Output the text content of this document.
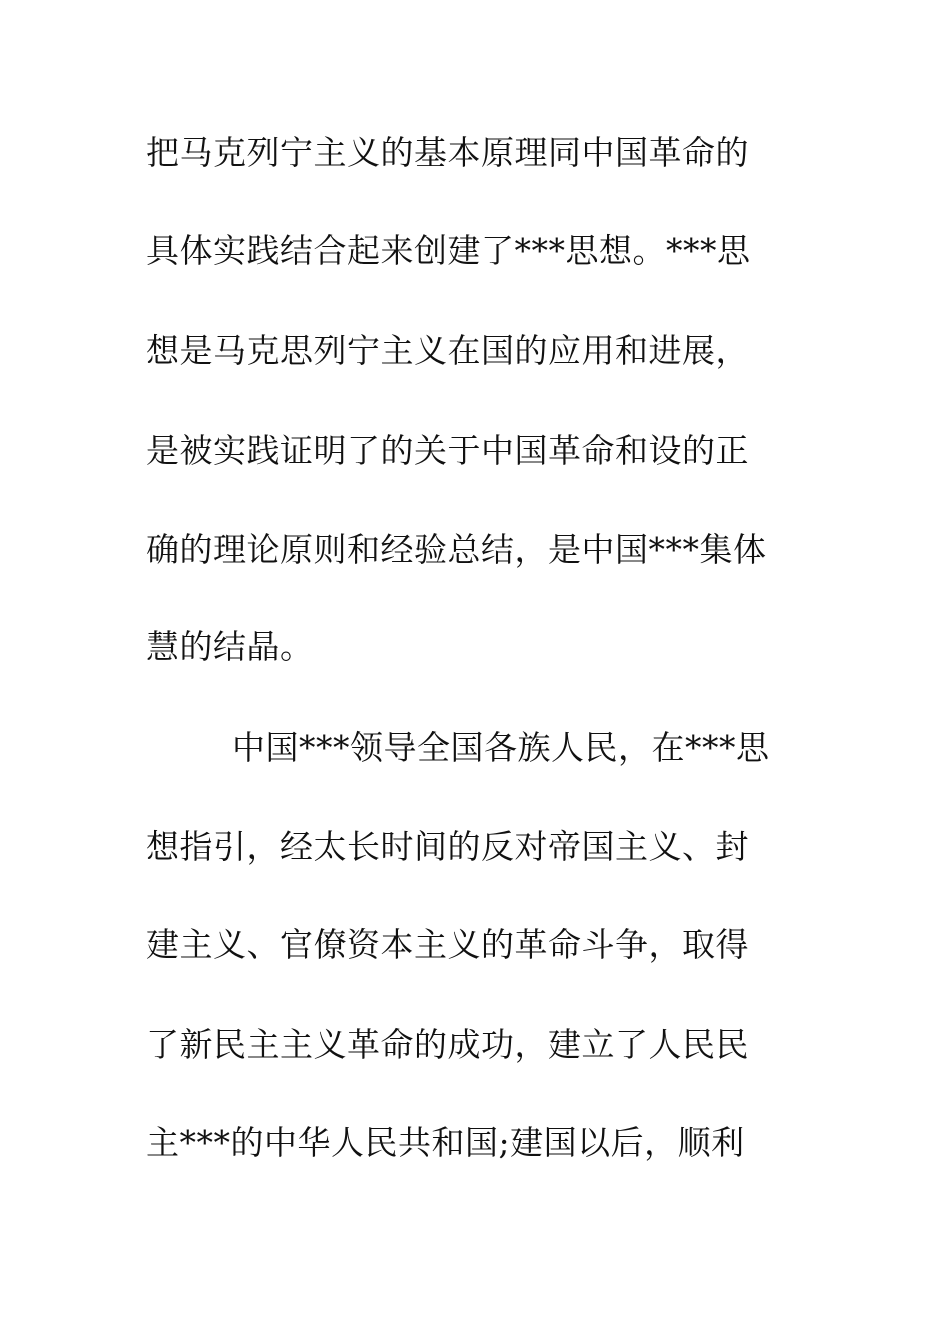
把马克列宁主义的基本原理同中国革命的
具体实践结合起来创建了***思想。***思
想是马克思列宁主义在国的应用和进展，
是被实践证明了的关于中国革命和设的正
确的理论原则和经验总结，是中国***集体
慧的结晶。
中国***领导全国各族人民，在***思
想指引，经太长时间的反对帝国主义、封
建主义、官僚资本主义的革命斗争，取得
了新民主主义革命的成功，建立了人民民
主***的中华人民共和国;建国以后，顺利
